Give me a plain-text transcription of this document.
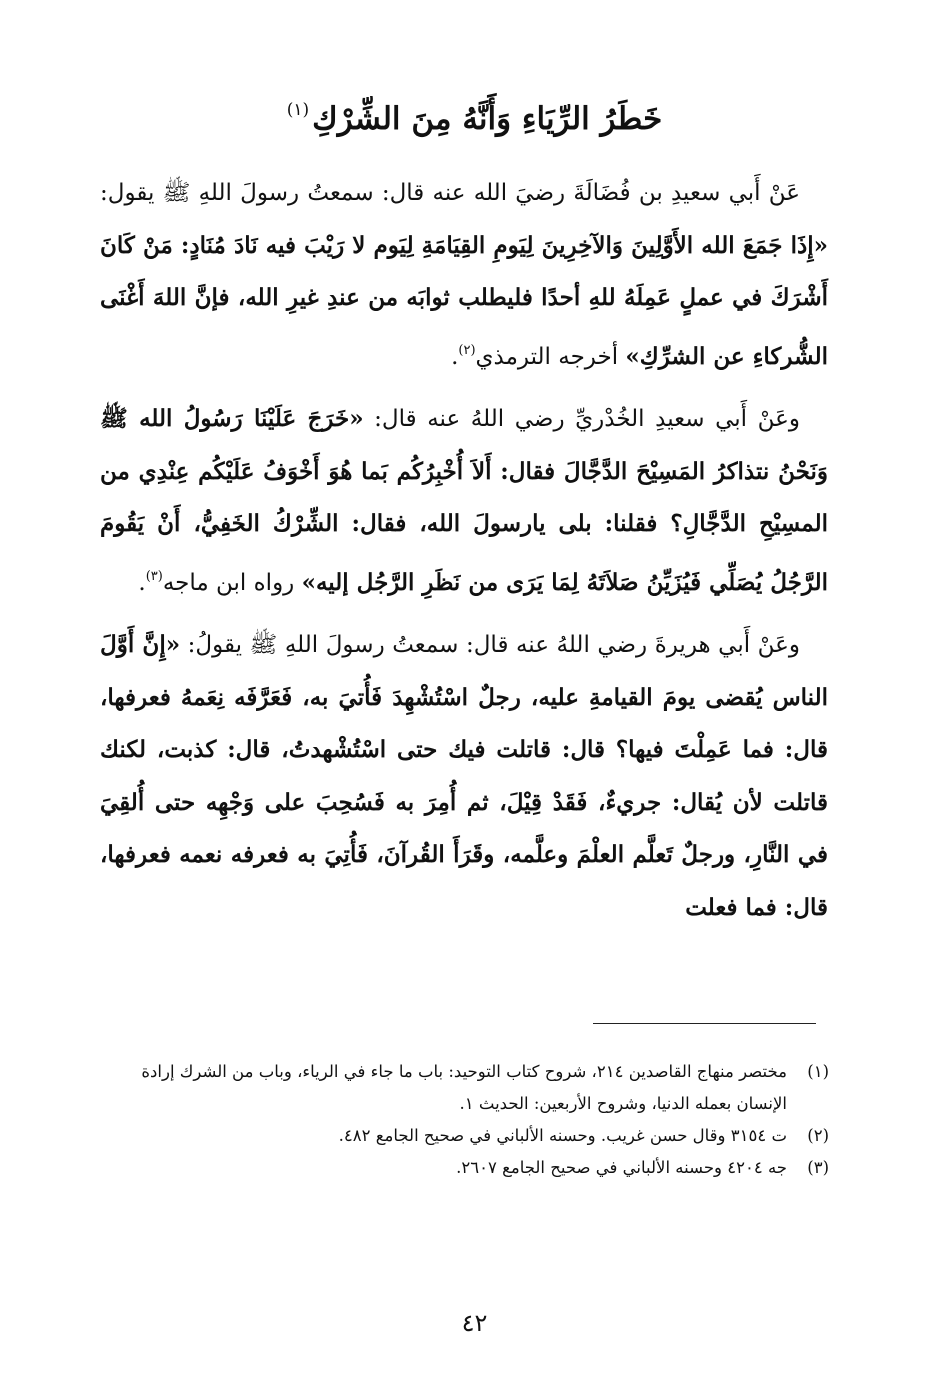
خَطَرُ الرِّيَاءِ وَأَنَّهُ مِنَ الشِّرْكِ$^{(١)}$

عَنْ أَبي سعيدِ بن فُضَالَةَ رضيَ الله عنه قال: سمعتُ رسولَ اللهِ ﷺ يقول: «إِذَا جَمَعَ الله الأَوَّلِينَ وَالآخِرِينَ لِيَومِ القِيَامَةِ لِيَوم لا رَيْبَ فيه نَادَ مُنَادٍ: مَنْ كَانَ أَشْرَكَ في عملٍ عَمِلَهُ للهِ أحدًا فليطلب ثوابَه من عندِ غيرِ الله، فإنَّ اللهَ أَغْنَى الشُّركاءِ عن الشرِّكِ» أخرجه الترمذي$^{(٢)}$.

وعَنْ أَبي سعيدِ الخُدْريِّ رضي اللهُ عنه قال: «خَرَجَ عَلَيْنَا رَسُولُ الله ﷺ وَنَحْنُ نتذاكرُ المَسِيْحَ الدَّجَّالَ فقال: أَلاَ أُخْبِرُكُم بَما هُوَ أَخْوَفُ عَلَيْكُم عِنْدِي من المسِيْحِ الدَّجَّالِ؟ فقلنا: بلى يارسولَ الله، فقال: الشِّرْكُ الخَفِيُّ، أَنْ يَقُومَ الرَّجُلُ يُصَلِّي فَيُزَيِّنُ صَلاَتَهُ لِمَا يَرَى من نَظَرِ الرَّجُل إليه» رواه ابن ماجه$^{(٣)}$.

وعَنْ أَبي هريرةَ رضي اللهُ عنه قال: سمعتُ رسولَ اللهِ ﷺ يقولُ: «إِنَّ أَوَّلَ الناس يُقضى يومَ القيامةِ عليه، رجلٌ اسْتُشْهِدَ فَأُتيَ به، فَعَرَّفَه نِعَمهُ فعرفها، قال: فما عَمِلْتَ فيها؟ قال: قاتلت فيك حتى اسْتُشْهدتُ، قال: كذبت، لكنك قاتلت لأن يُقال: جريءٌ، فَقَدْ قِيْلَ، ثم أُمِرَ به فَسُحِبَ على وَجْهِه حتى أُلقِيَ في النَّارِ، ورجلٌ تَعلَّم العلْمَ وعلَّمه، وقَرَأَ القُرآنَ، فَأُتِيَ به فعرفه نعمه فعرفها، قال: فما فعلت

(١)
مختصر منهاج القاصدين ٢١٤، شروح كتاب التوحيد: باب ما جاء في الرياء، وباب من الشرك إرادة الإنسان بعمله الدنيا، وشروح الأربعين: الحديث ١.
(٢)
ت ٣١٥٤ وقال حسن غريب. وحسنه الألباني في صحيح الجامع ٤٨٢.
(٣)
جه ٤٢٠٤ وحسنه الألباني في صحيح الجامع ٢٦٠٧.
٤٢
